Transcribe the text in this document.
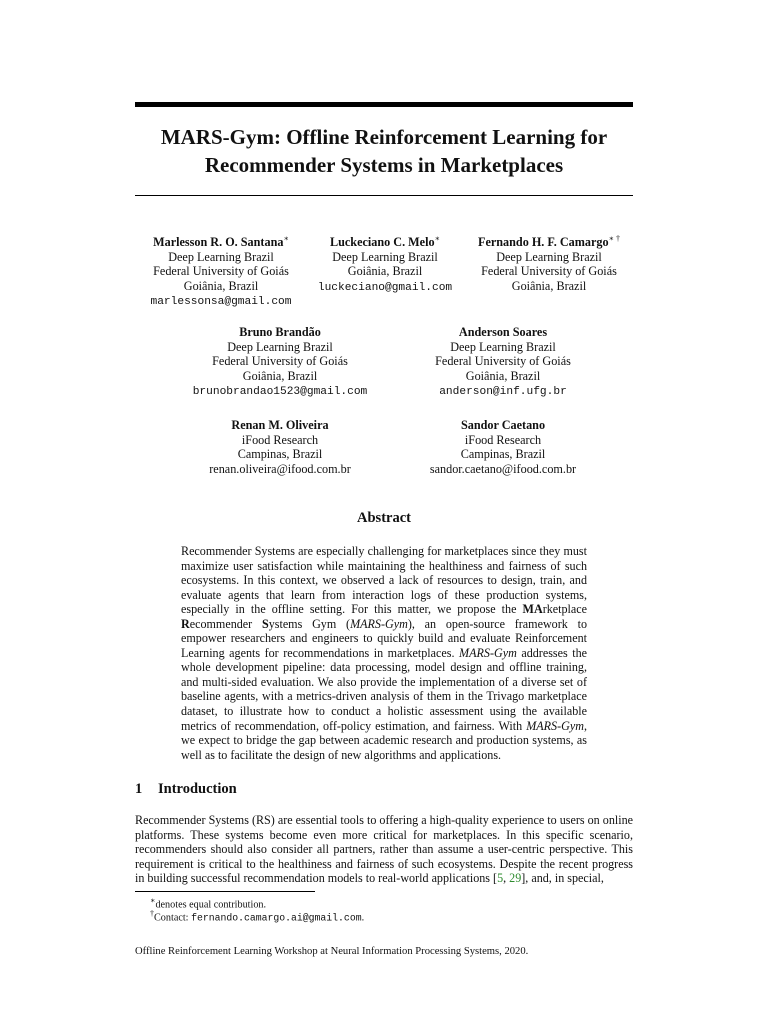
MARS-Gym: Offline Reinforcement Learning for
Recommender Systems in Marketplaces
Marlesson R. O. Santana∗
Deep Learning Brazil
Federal University of Goiás
Goiânia, Brazil
marlessonsa@gmail.com
Luckeciano C. Melo∗
Deep Learning Brazil
Goiânia, Brazil
luckeciano@gmail.com
Fernando H. F. Camargo∗ †
Deep Learning Brazil
Federal University of Goiás
Goiânia, Brazil
Bruno Brandão
Deep Learning Brazil
Federal University of Goiás
Goiânia, Brazil
brunobrandao1523@gmail.com
Anderson Soares
Deep Learning Brazil
Federal University of Goiás
Goiânia, Brazil
anderson@inf.ufg.br
Renan M. Oliveira
iFood Research
Campinas, Brazil
renan.oliveira@ifood.com.br
Sandor Caetano
iFood Research
Campinas, Brazil
sandor.caetano@ifood.com.br
Abstract

Recommender Systems are especially challenging for marketplaces since they must maximize user satisfaction while maintaining the healthiness and fairness of such ecosystems. In this context, we observed a lack of resources to design, train, and evaluate agents that learn from interaction logs of these production systems, especially in the offline setting. For this matter, we propose the MArketplace Recommender Systems Gym (MARS-Gym), an open-source framework to empower researchers and engineers to quickly build and evaluate Reinforcement Learning agents for recommendations in marketplaces. MARS-Gym addresses the whole development pipeline: data processing, model design and offline training, and multi-sided evaluation. We also provide the implementation of a diverse set of baseline agents, with a metrics-driven analysis of them in the Trivago marketplace dataset, to illustrate how to conduct a holistic assessment using the available metrics of recommendation, off-policy estimation, and fairness. With MARS-Gym, we expect to bridge the gap between academic research and production systems, as well as to facilitate the design of new algorithms and applications.

1 Introduction

Recommender Systems (RS) are essential tools to offering a high-quality experience to users on online platforms. These systems become even more critical for marketplaces. In this specific scenario, recommenders should also consider all partners, rather than assume a user-centric perspective. This requirement is critical to the healthiness and fairness of such ecosystems. Despite the recent progress in building successful recommendation models to real-world applications [5, 29], and, in special,

∗denotes equal contribution.
†Contact: fernando.camargo.ai@gmail.com.
Offline Reinforcement Learning Workshop at Neural Information Processing Systems, 2020.
